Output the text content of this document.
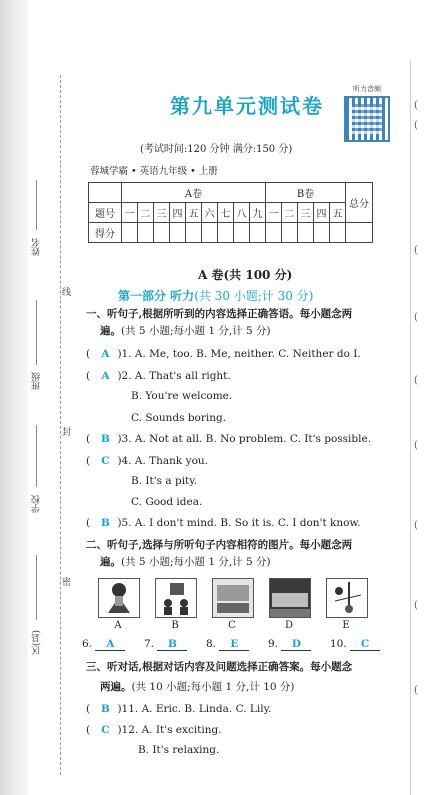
姓名
班级
学校
区(县)
线
封
密
(
(
(
(
(
(
(
(
(
第九单元测试卷
听力音频
(考试时间:120 分钟 满分:150 分)
蓉城学霸 • 英语九年级 • 上册
	A卷									B卷					总分
题号	一	二	三	四	五	六	七	八	九	一	二	三	四	五	
得分															
A 卷(共 100 分)
第一部分 听力(共 30 小题;计 30 分)
一、听句子,根据所听到的内容选择正确答语。每小题念两
遍。(共 5 小题;每小题 1 分,计 5 分)
( A )1. A. Me, too. B. Me, neither. C. Neither do I.
( A )2. A. That's all right.
B. You're welcome.
C. Sounds boring.
( B )3. A. Not at all. B. No problem. C. It's possible.
( C )4. A. Thank you.
B. It's a pity.
C. Good idea.
( B )5. A. I don't mind. B. So it is. C. I don't know.
二、听句子,选择与所听句子内容相符的图片。每小题念两
遍。(共 5 小题;每小题 1 分,计 5 分)
A	B	C	D	E
6. A	7. B	8. E	9. D	10. C
三、听对话,根据对话内容及问题选择正确答案。每小题念
两遍。(共 10 小题;每小题 1 分,计 10 分)
( B )11. A. Eric. B. Linda. C. Lily.
( C )12. A. It's exciting.
B. It's relaxing.
